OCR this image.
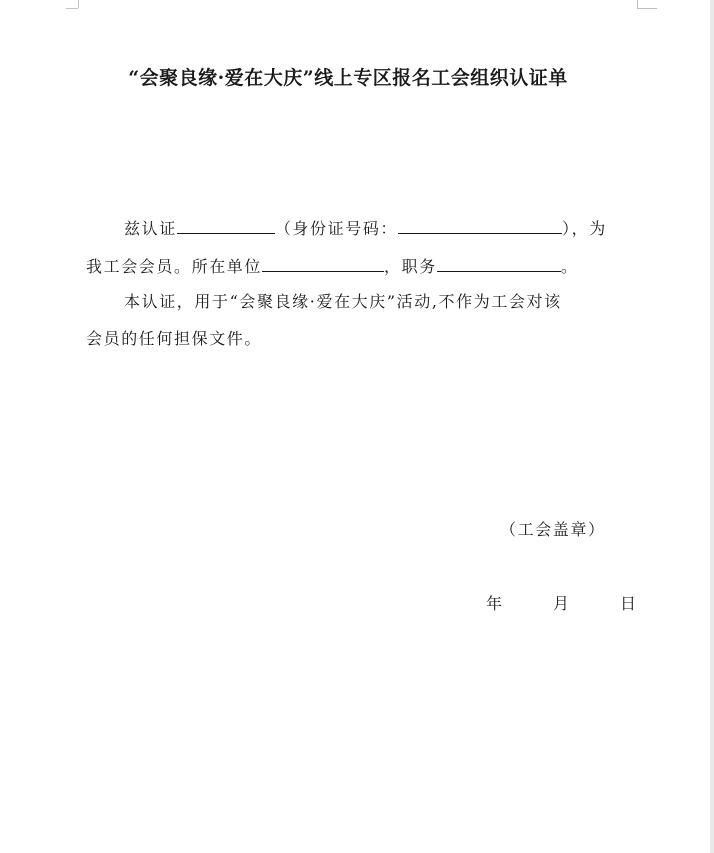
“会聚良缘·爱在大庆”线上专区报名工会组织认证单
兹认证	（身份证号码：	），为
我工会会员。所在单位	，职务	。
本认证，用于“会聚良缘·爱在大庆”活动,不作为工会对该
会员的任何担保文件。
（工会盖章）
年	月	日
